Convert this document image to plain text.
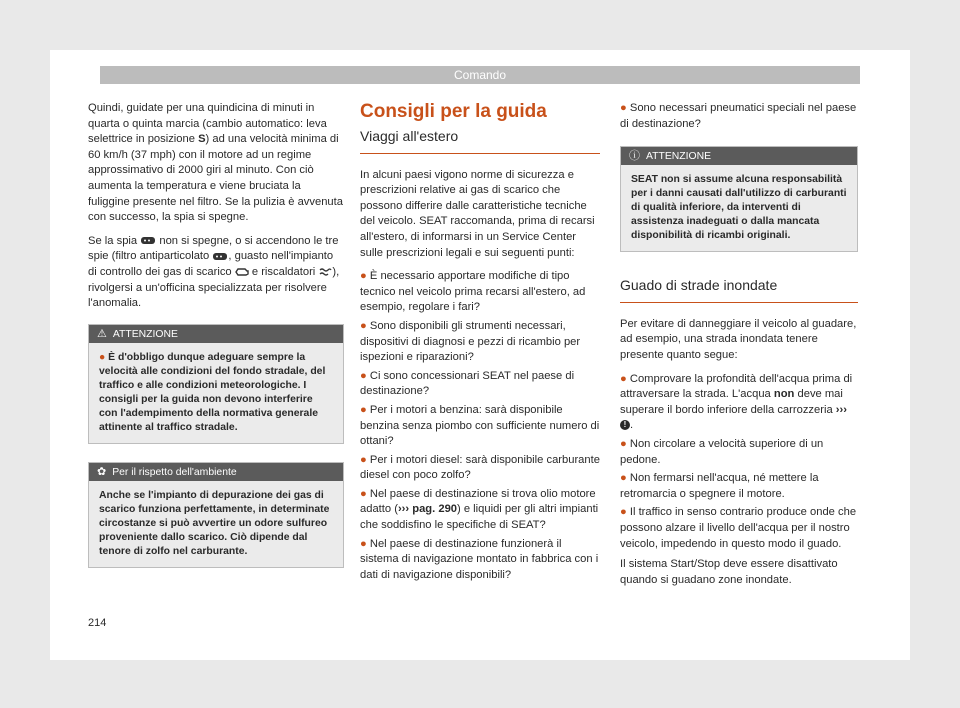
Comando

Quindi, guidate per una quindicina di minuti in quarta o quinta marcia (cambio automatico: leva selettrice in posizione S) ad una velocità minima di 60 km/h (37 mph) con il motore ad un regime approssimativo di 2000 giri al minuto. Con ciò aumenta la temperatura e viene bruciata la fuliggine presente nel filtro. Se la pulizia è avvenuta con successo, la spia si spegne.

Se la spia non si spegne, o si accendono le tre spie (filtro antiparticolato , guasto nell'impianto di controllo dei gas di scarico e riscaldatori ), rivolgersi a un'officina specializzata per risolvere l'anomalia.

⚠ ATTENZIONE
● È d'obbligo dunque adeguare sempre la velocità alle condizioni del fondo stradale, del traffico e alle condizioni meteorologiche. I consigli per la guida non devono interferire con l'adempimento della normativa generale attinente al traffico stradale.
✿ Per il rispetto dell'ambiente
Anche se l'impianto di depurazione dei gas di scarico funziona perfettamente, in determinate circostanze si può avvertire un odore sulfureo proveniente dallo scarico. Ciò dipende dal tenore di zolfo nel carburante.
Consigli per la guida
Viaggi all'estero

In alcuni paesi vigono norme di sicurezza e prescrizioni relative ai gas di scarico che possono differire dalle caratteristiche tecniche del veicolo. SEAT raccomanda, prima di recarsi all'estero, di informarsi in un Service Center sulle prescrizioni legali e sui seguenti punti:

● È necessario apportare modifiche di tipo tecnico nel veicolo prima recarsi all'estero, ad esempio, regolare i fari?
● Sono disponibili gli strumenti necessari, dispositivi di diagnosi e pezzi di ricambio per ispezioni e riparazioni?
● Ci sono concessionari SEAT nel paese di destinazione?
● Per i motori a benzina: sarà disponibile benzina senza piombo con sufficiente numero di ottani?
● Per i motori diesel: sarà disponibile carburante diesel con poco zolfo?
● Nel paese di destinazione si trova olio motore adatto (››› pag. 290) e liquidi per gli altri impianti che soddisfino le specifiche di SEAT?
● Nel paese di destinazione funzionerà il sistema di navigazione montato in fabbrica con i dati di navigazione disponibili?
● Sono necessari pneumatici speciali nel paese di destinazione?
ⓘ ATTENZIONE
SEAT non si assume alcuna responsabilità per i danni causati dall'utilizzo di carburanti di qualità inferiore, da interventi di assistenza inadeguati o dalla mancata disponibilità di ricambi originali.
Guado di strade inondate

Per evitare di danneggiare il veicolo al guadare, ad esempio, una strada inondata tenere presente quanto segue:

● Comprovare la profondità dell'acqua prima di attraversare la strada. L'acqua non deve mai superare il bordo inferiore della carrozzeria ››› ! .
● Non circolare a velocità superiore di un pedone.
● Non fermarsi nell'acqua, né mettere la retromarcia o spegnere il motore.
● Il traffico in senso contrario produce onde che possono alzare il livello dell'acqua per il nostro veicolo, impedendo in questo modo il guado.

Il sistema Start/Stop deve essere disattivato quando si guadano zone inondate.

214
